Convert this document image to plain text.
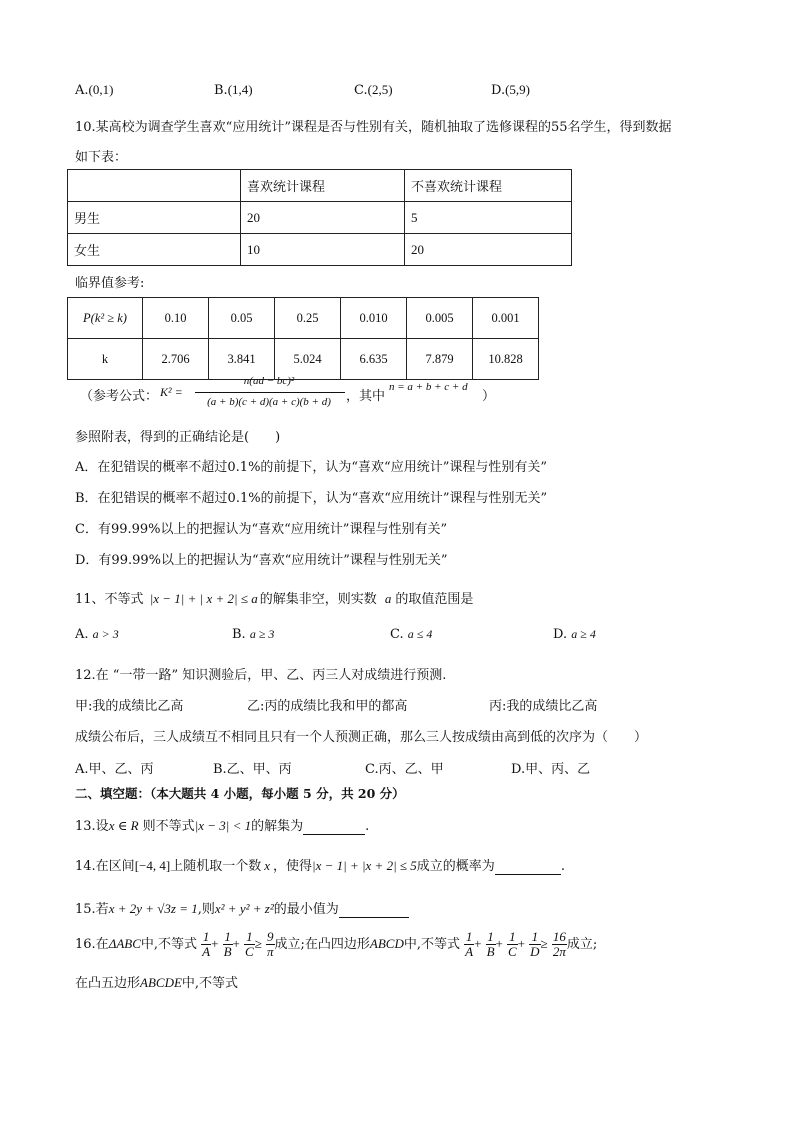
A.(0,1)	B.(1,4)	C.(2,5)	D.(5,9)
10.某高校为调查学生喜欢“应用统计”课程是否与性别有关，随机抽取了选修课程的55名学生，得到数据
如下表：
	喜欢统计课程	不喜欢统计课程
男生	20	5
女生	10	20
临界值参考:
P(k² ≥ k)	0.10	0.05	0.25	0.010	0.005	0.001
k	2.706	3.841	5.024	6.635	7.879	10.828
（参考公式： K² =
n(ad − bc)²
(a + b)(c + d)(a + c)(b + d)	，其中
n = a + b + c + d
）
参照附表，得到的正确结论是(　　)
A．在犯错误的概率不超过0.1%的前提下，认为“喜欢“应用统计”课程与性别有关”
B．在犯错误的概率不超过0.1%的前提下，认为“喜欢“应用统计”课程与性别无关”
C．有99.99%以上的把握认为“喜欢“应用统计”课程与性别有关”
D．有99.99%以上的把握认为“喜欢“应用统计”课程与性别无关”
11、不等式 |x − 1| + | x + 2| ≤ a 的解集非空，则实数 a 的取值范围是
A. a > 3	B. a ≥ 3	C. a ≤ 4	D. a ≥ 4
12.在 “一带一路” 知识测验后，甲、乙、丙三人对成绩进行预测.
甲:我的成绩比乙高	乙:丙的成绩比我和甲的都高	丙:我的成绩比乙高
成绩公布后，三人成绩互不相同且只有一个人预测正确，那么三人按成绩由高到低的次序为（　　）
A.甲、乙、丙	B.乙、甲、丙	C.丙、乙、甲	D.甲、丙、乙
二、填空题：（本大题共 4 小题，每小题 5 分，共 20 分）
13.设x ∈ R 则不等式|x − 3| < 1的解集为	.
14.在区间[−4, 4]上随机取一个数 x ，使得|x − 1| + |x + 2| ≤ 5成立的概率为	.
15.若x + 2y + √3z = 1,则x² + y² + z²的最小值为
16.在ΔABC中,不等式 $\frac{1}{A} + \frac{1}{B} + \frac{1}{C} \ge \frac{9}{\pi}$ 成立;在凸四边形ABCD中,不等式 $\frac{1}{A} + \frac{1}{B} + \frac{1}{C} + \frac{1}{D} \ge \frac{16}{2\pi}$ 成立;
在凸五边形ABCDE中,不等式
